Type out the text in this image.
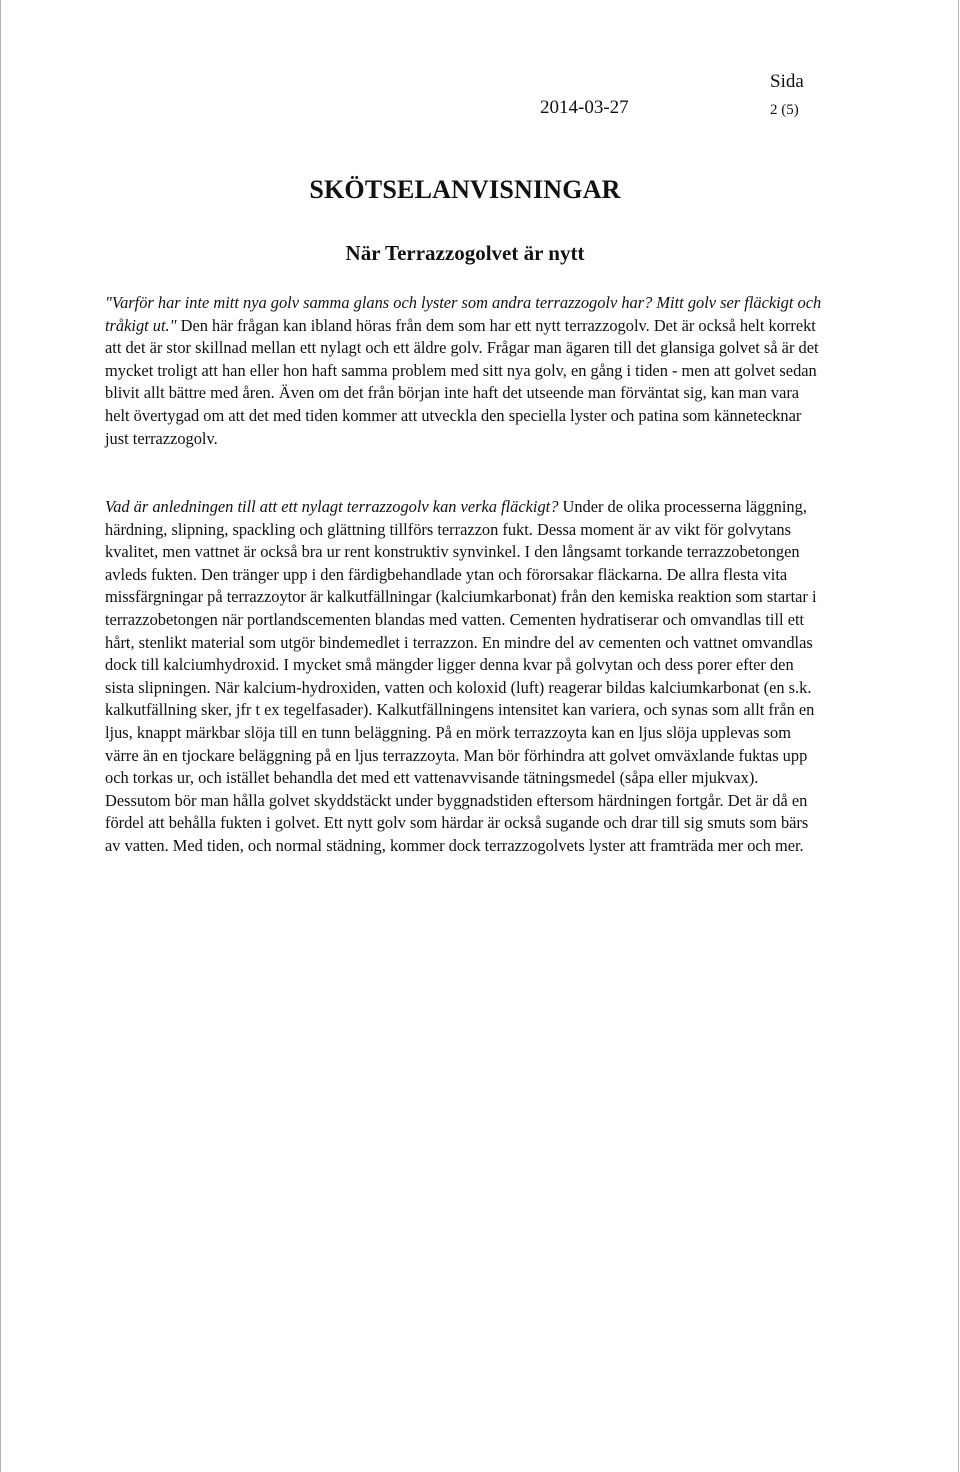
2014-03-27
Sida
2 (5)
SKÖTSELANVISNINGAR
När Terrazzogolvet är nytt

"Varför har inte mitt nya golv samma glans och lyster som andra terrazzogolv har? Mitt golv ser fläckigt och tråkigt ut." Den här frågan kan ibland höras från dem som har ett nytt terrazzogolv. Det är också helt korrekt att det är stor skillnad mellan ett nylagt och ett äldre golv. Frågar man ägaren till det glansiga golvet så är det mycket troligt att han eller hon haft samma problem med sitt nya golv, en gång i tiden - men att golvet sedan blivit allt bättre med åren. Även om det från början inte haft det utseende man förväntat sig, kan man vara helt övertygad om att det med tiden kommer att utveckla den speciella lyster och patina som kännetecknar just terrazzogolv.

Vad är anledningen till att ett nylagt terrazzogolv kan verka fläckigt? Under de olika processerna läggning, härdning, slipning, spackling och glättning tillförs terrazzon fukt. Dessa moment är av vikt för golvytans kvalitet, men vattnet är också bra ur rent konstruktiv synvinkel. I den långsamt torkande terrazzobetongen avleds fukten. Den tränger upp i den färdigbehandlade ytan och förorsakar fläckarna. De allra flesta vita missfärgningar på terrazzoytor är kalkutfällningar (kalciumkarbonat) från den kemiska reaktion som startar i terrazzobetongen när portlandscementen blandas med vatten. Cementen hydratiserar och omvandlas till ett hårt, stenlikt material som utgör bindemedlet i terrazzon. En mindre del av cementen och vattnet omvandlas dock till kalciumhydroxid. I mycket små mängder ligger denna kvar på golvytan och dess porer efter den sista slipningen. När kalcium-hydroxiden, vatten och koloxid (luft) reagerar bildas kalciumkarbonat (en s.k. kalkutfällning sker, jfr t ex tegelfasader). Kalkutfällningens intensitet kan variera, och synas som allt från en ljus, knappt märkbar slöja till en tunn beläggning. På en mörk terrazzoyta kan en ljus slöja upplevas som värre än en tjockare beläggning på en ljus terrazzoyta. Man bör förhindra att golvet omväxlande fuktas upp och torkas ur, och istället behandla det med ett vattenavvisande tätningsmedel (såpa eller mjukvax). Dessutom bör man hålla golvet skyddstäckt under byggnadstiden eftersom härdningen fortgår. Det är då en fördel att behålla fukten i golvet. Ett nytt golv som härdar är också sugande och drar till sig smuts som bärs av vatten. Med tiden, och normal städning, kommer dock terrazzogolvets lyster att framträda mer och mer.
